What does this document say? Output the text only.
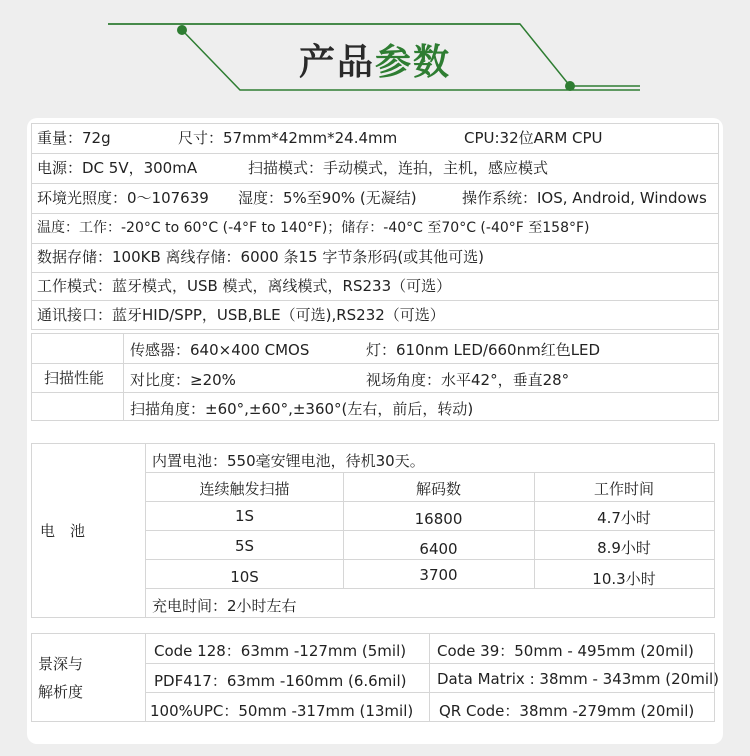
产品参数
重量：72g	尺寸：57mm*42mm*24.4mm	CPU:32位ARM CPU
电源：DC 5V，300mA	扫描模式：手动模式，连拍，主机，感应模式
环境光照度：0～107639 湿度：5%至90% (无凝结)	操作系统：IOS, Android, Windows
温度：工作：-20°C to 60°C (-4°F to 140°F)；储存：-40°C 至70°C (-40°F 至158°F)
数据存储：100KB 离线存储：6000 条15 字节条形码(或其他可选)
工作模式：蓝牙模式，USB 模式，离线模式，RS233（可选）
通讯接口：蓝牙HID/SPP，USB,BLE（可选),RS232（可选）
扫描性能
传感器：640×400 CMOS	灯：610nm LED/660nm红色LED
对比度：≥20%	视场角度：水平42°，垂直28°
扫描角度：±60°,±60°,±360°(左右，前后，转动)
电　池
内置电池：550毫安锂电池，待机30天。
连续触发扫描	解码数	工作时间
1S	16800	4.7小时
5S	6400	8.9小时
10S	3700	10.3小时
充电时间：2小时左右
景深与
解析度
Code 128：63mm -127mm (5mil) Code 39：50mm - 495mm (20mil)
PDF417：63mm -160mm (6.6mil) Data Matrix : 38mm - 343mm (20mil)
100%UPC：50mm -317mm (13mil) QR Code：38mm -279mm (20mil)
